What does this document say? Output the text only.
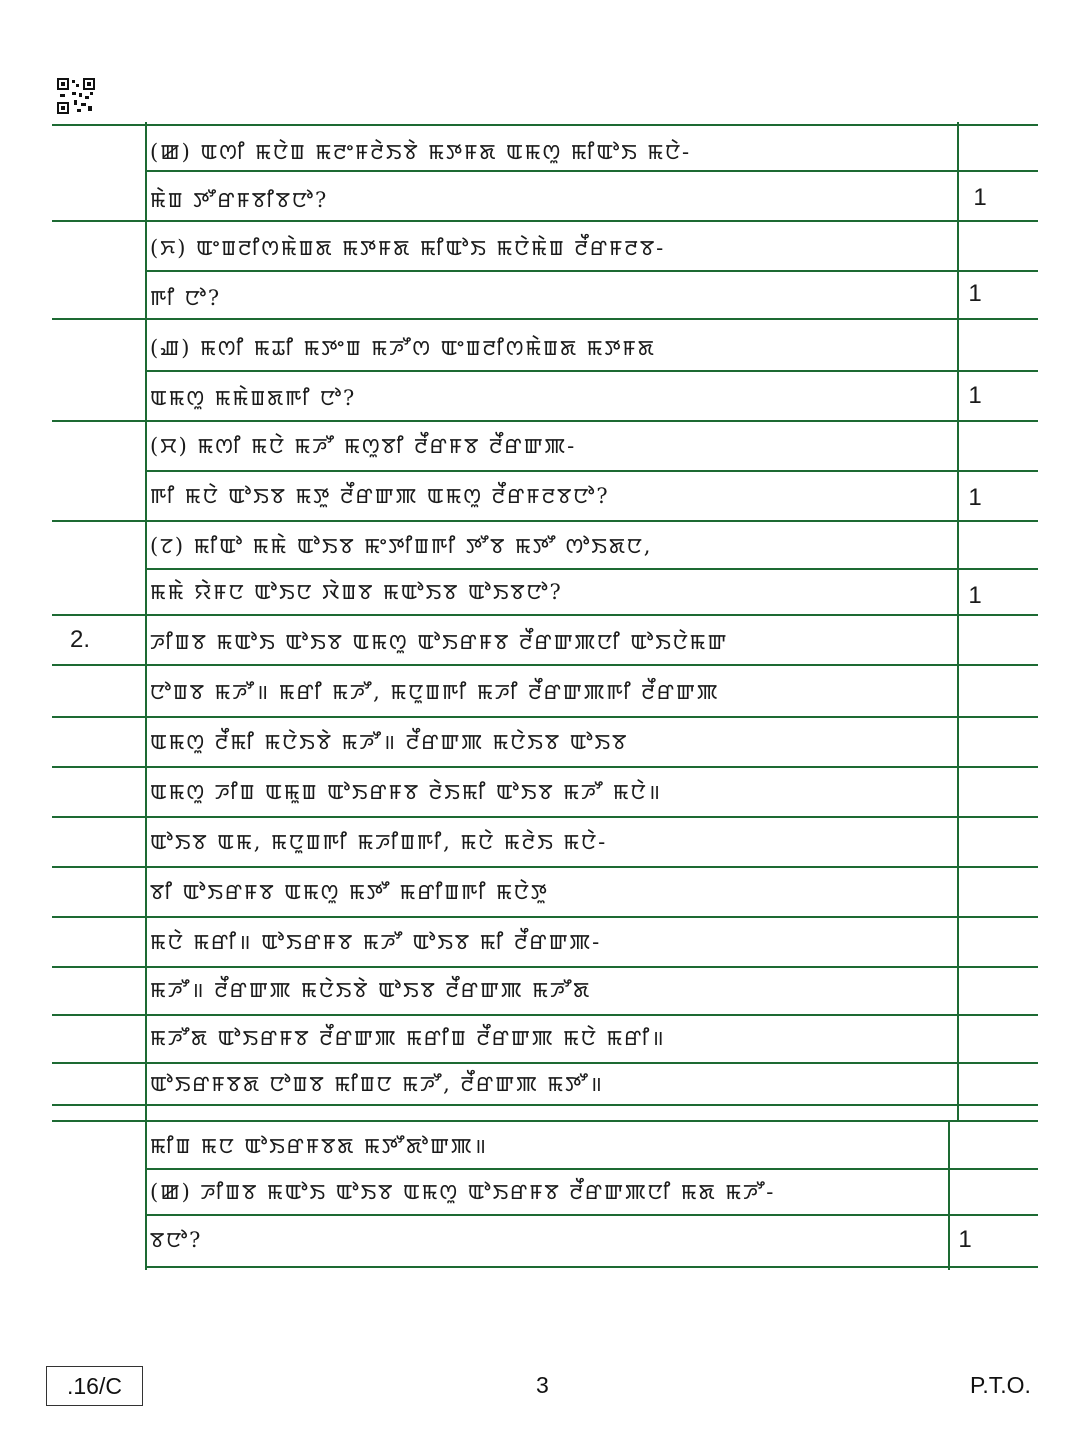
(ꯀ) ꯑꯁꯤ ꯃꯅꯥꯡ ꯃꯂꯦꯝꯂꯥꯏꯕꯥ ꯃꯇꯝꯗ ꯑꯃꯁꯨ ꯃꯤꯑꯣꯏ ꯃꯅꯥ-
ꯃꯥꯡ ꯇꯧꯔꯝꯕꯤꯕꯅꯣ?	1
(ꯈ) ꯑꯦꯡꯂꯤꯁꯃꯥꯡꯗ ꯃꯇꯝꯗ ꯃꯤꯑꯣꯏ ꯃꯅꯥꯃꯥꯡ ꯂꯩꯔꯝꯂꯕ-
ꯒꯤ ꯅꯣ?	1
(ꯉ) ꯃꯁꯤ ꯃꯊꯤ ꯃꯇꯦꯡ ꯃꯍꯧꯁ ꯑꯦꯡꯂꯤꯁꯃꯥꯡꯗ ꯃꯇꯝꯗ
ꯑꯃꯁꯨ ꯃꯃꯥꯡꯗꯒꯤ ꯅꯣ?	1
(ꯆ) ꯃꯁꯤ ꯃꯅꯥ ꯃꯍꯧ ꯃꯁꯨꯕꯤ ꯂꯩꯔꯝꯕ ꯂꯩꯔꯛꯄ-
ꯒꯤ ꯃꯅꯥ ꯑꯣꯏꯕ ꯃꯇꯨ ꯂꯩꯔꯛꯄ ꯑꯃꯁꯨ ꯂꯩꯔꯝꯂꯕꯅꯣ?	1
(ꯖ) ꯃꯤꯑꯣ ꯃꯃꯥ ꯑꯣꯏꯕ ꯃꯦꯇꯤꯡꯒꯤ ꯇꯧꯕ ꯃꯇꯧ ꯁꯣꯏꯗꯅ,
ꯃꯃꯥ ꯌꯥꯝꯅ ꯑꯣꯏꯅ ꯋꯥꯡꯕ ꯃꯑꯣꯏꯕ ꯑꯣꯏꯕꯅꯣ?	1
2.	ꯍꯤꯡꯕ ꯃꯑꯣꯏ ꯑꯣꯏꯕ ꯑꯃꯁꯨ ꯑꯣꯏꯔꯝꯕ ꯂꯩꯔꯛꯄꯅꯤ ꯑꯣꯏꯅꯥꯃꯛ
ꯅꯣꯡꯕ ꯃꯍꯧ॥ ꯃꯔꯤ ꯃꯍꯧ, ꯃꯅꯨꯡꯒꯤ ꯃꯍꯤ ꯂꯩꯔꯛꯄꯒꯤ ꯂꯩꯔꯛꯄ
ꯑꯃꯁꯨ ꯂꯩꯃꯤ ꯃꯅꯥꯏꯕꯥ ꯃꯍꯧ॥ ꯂꯩꯔꯛꯄ ꯃꯅꯥꯏꯕ ꯑꯣꯏꯕ
ꯑꯃꯁꯨ ꯍꯤꯡ ꯑꯃꯨꯡ ꯑꯣꯏꯔꯝꯕ ꯂꯥꯏꯃꯤ ꯑꯣꯏꯕ ꯃꯍꯧ ꯃꯅꯥ॥
ꯑꯣꯏꯕ ꯑꯃ, ꯃꯅꯨꯡꯒꯤ ꯃꯍꯤꯡꯒꯤ, ꯃꯅꯥ ꯃꯂꯥꯏ ꯃꯅꯥ-
ꯕꯤ ꯑꯣꯏꯔꯝꯕ ꯑꯃꯁꯨ ꯃꯇꯧ ꯃꯔꯤꯡꯒꯤ ꯃꯅꯥꯇꯨ
ꯃꯅꯥ ꯃꯔꯤ॥ ꯑꯣꯏꯔꯝꯕ ꯃꯍꯧ ꯑꯣꯏꯕ ꯃꯤ ꯂꯩꯔꯛꯄ-
ꯃꯍꯧ॥ ꯂꯩꯔꯛꯄ ꯃꯅꯥꯏꯕꯥ ꯑꯣꯏꯕ ꯂꯩꯔꯛꯄ ꯃꯍꯧꯗ
ꯃꯍꯧꯗ ꯑꯣꯏꯔꯝꯕ ꯂꯩꯔꯛꯄ ꯃꯔꯤꯡ ꯂꯩꯔꯛꯄ ꯃꯅꯥ ꯃꯔꯤ॥
ꯑꯣꯏꯔꯝꯕꯗ ꯅꯣꯡꯕ ꯃꯤꯡꯅ ꯃꯍꯧ, ꯂꯩꯔꯛꯄ ꯃꯇꯧ॥
ꯃꯤꯡ ꯃꯅ ꯑꯣꯏꯔꯝꯕꯗ ꯃꯇꯧꯗꯣꯛꯄ॥
(ꯀ) ꯍꯤꯡꯕ ꯃꯑꯣꯏ ꯑꯣꯏꯕ ꯑꯃꯁꯨ ꯑꯣꯏꯔꯝꯕ ꯂꯩꯔꯛꯄꯅꯤ ꯃꯗ ꯃꯍꯧ-
ꯕꯅꯣ?	1
.16/C	3	P.T.O.
